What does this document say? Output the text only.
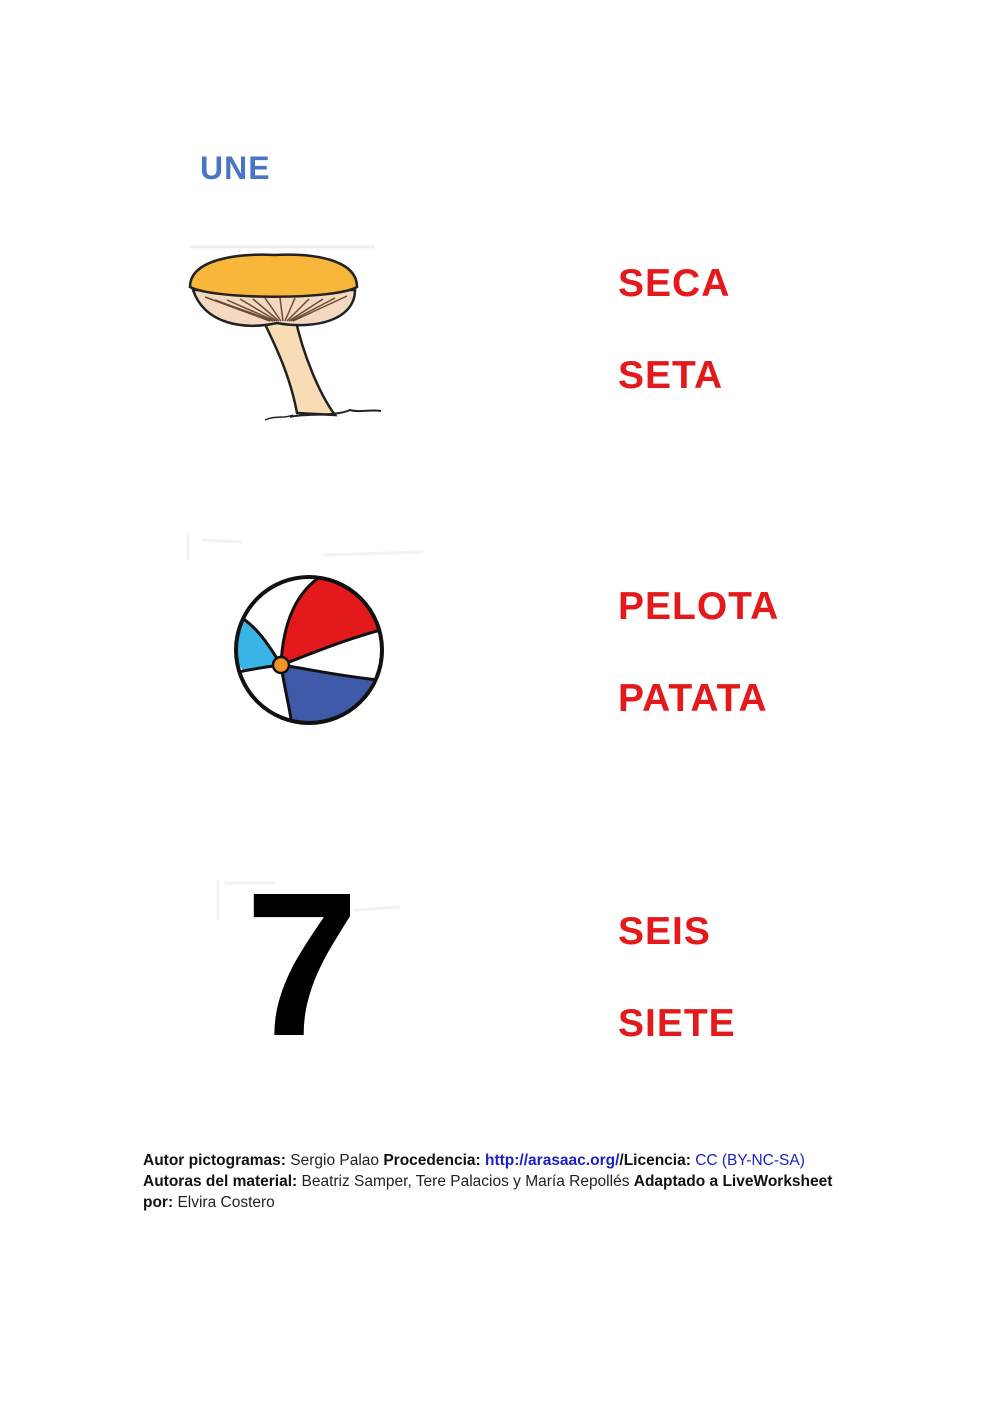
UNE
7
SECA
SETA
PELOTA
PATATA
SEIS
SIETE
Autor pictogramas: Sergio Palao Procedencia: http://arasaac.org//Licencia: CC (BY-NC-SA) Autoras del material: Beatriz Samper, Tere Palacios y María Repollés Adaptado a LiveWorksheet por: Elvira Costero
